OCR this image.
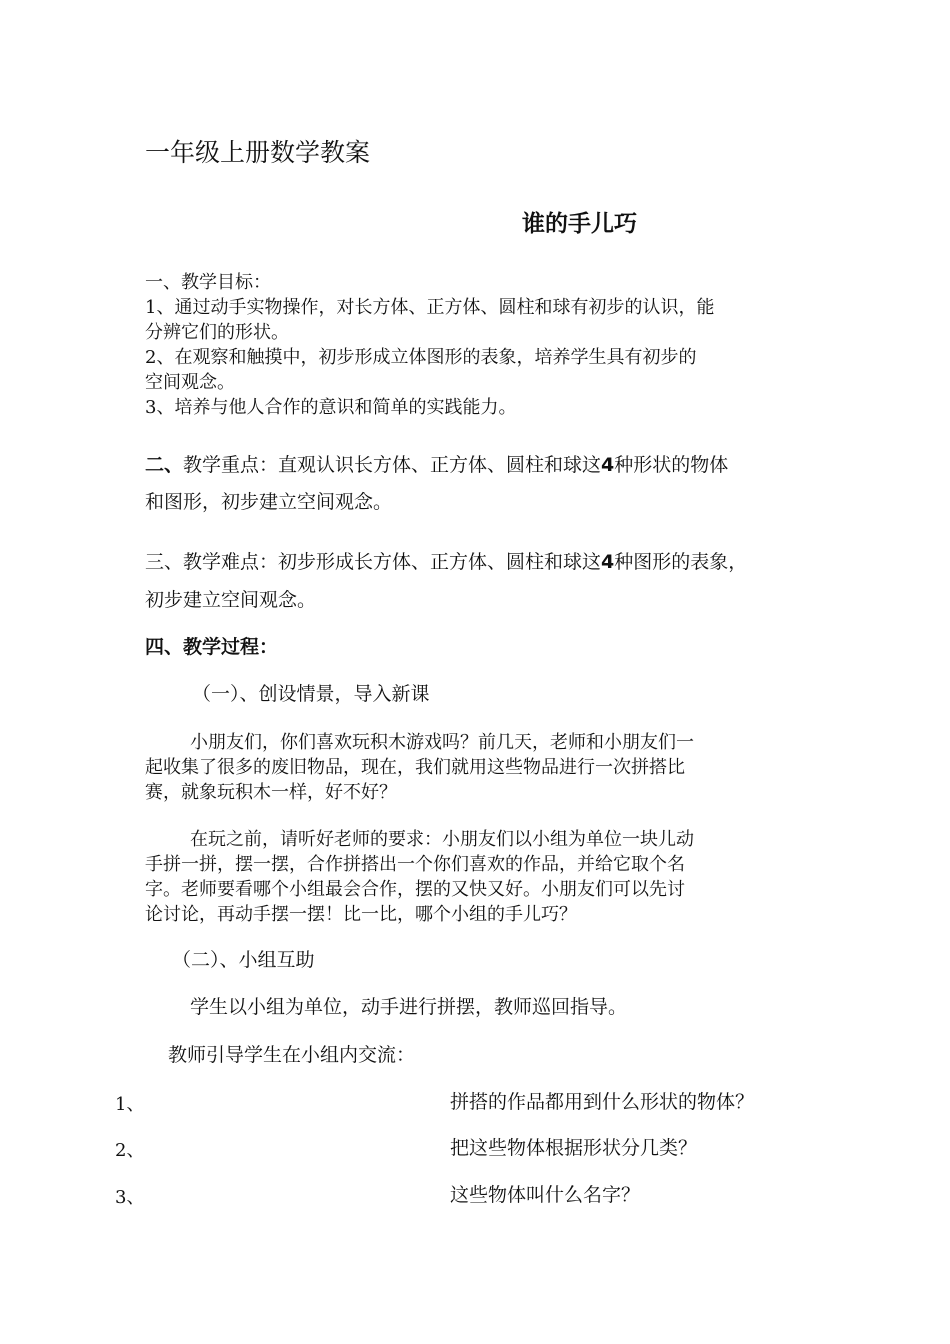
一年级上册数学教案
谁的手儿巧
一、教学目标：
1、通过动手实物操作，对长方体、正方体、圆柱和球有初步的认识，能
分辨它们的形状。
2、在观察和触摸中，初步形成立体图形的表象，培养学生具有初步的
空间观念。
3、培养与他人合作的意识和简单的实践能力。
二、教学重点：直观认识长方体、正方体、圆柱和球这4种形状的物体
和图形，初步建立空间观念。
三、教学难点：初步形成长方体、正方体、圆柱和球这4种图形的表象，
初步建立空间观念。
四、教学过程：
（一）、创设情景，导入新课
小朋友们，你们喜欢玩积木游戏吗？前几天，老师和小朋友们一
起收集了很多的废旧物品，现在，我们就用这些物品进行一次拼搭比
赛，就象玩积木一样，好不好？
在玩之前，请听好老师的要求：小朋友们以小组为单位一块儿动
手拼一拼，摆一摆，合作拼搭出一个你们喜欢的作品，并给它取个名
字。老师要看哪个小组最会合作，摆的又快又好。小朋友们可以先讨
论讨论，再动手摆一摆！比一比，哪个小组的手儿巧？
（二）、小组互助
学生以小组为单位，动手进行拼摆，教师巡回指导。
教师引导学生在小组内交流：
1、	拼搭的作品都用到什么形状的物体？
2、	把这些物体根据形状分几类？
3、	这些物体叫什么名字？
